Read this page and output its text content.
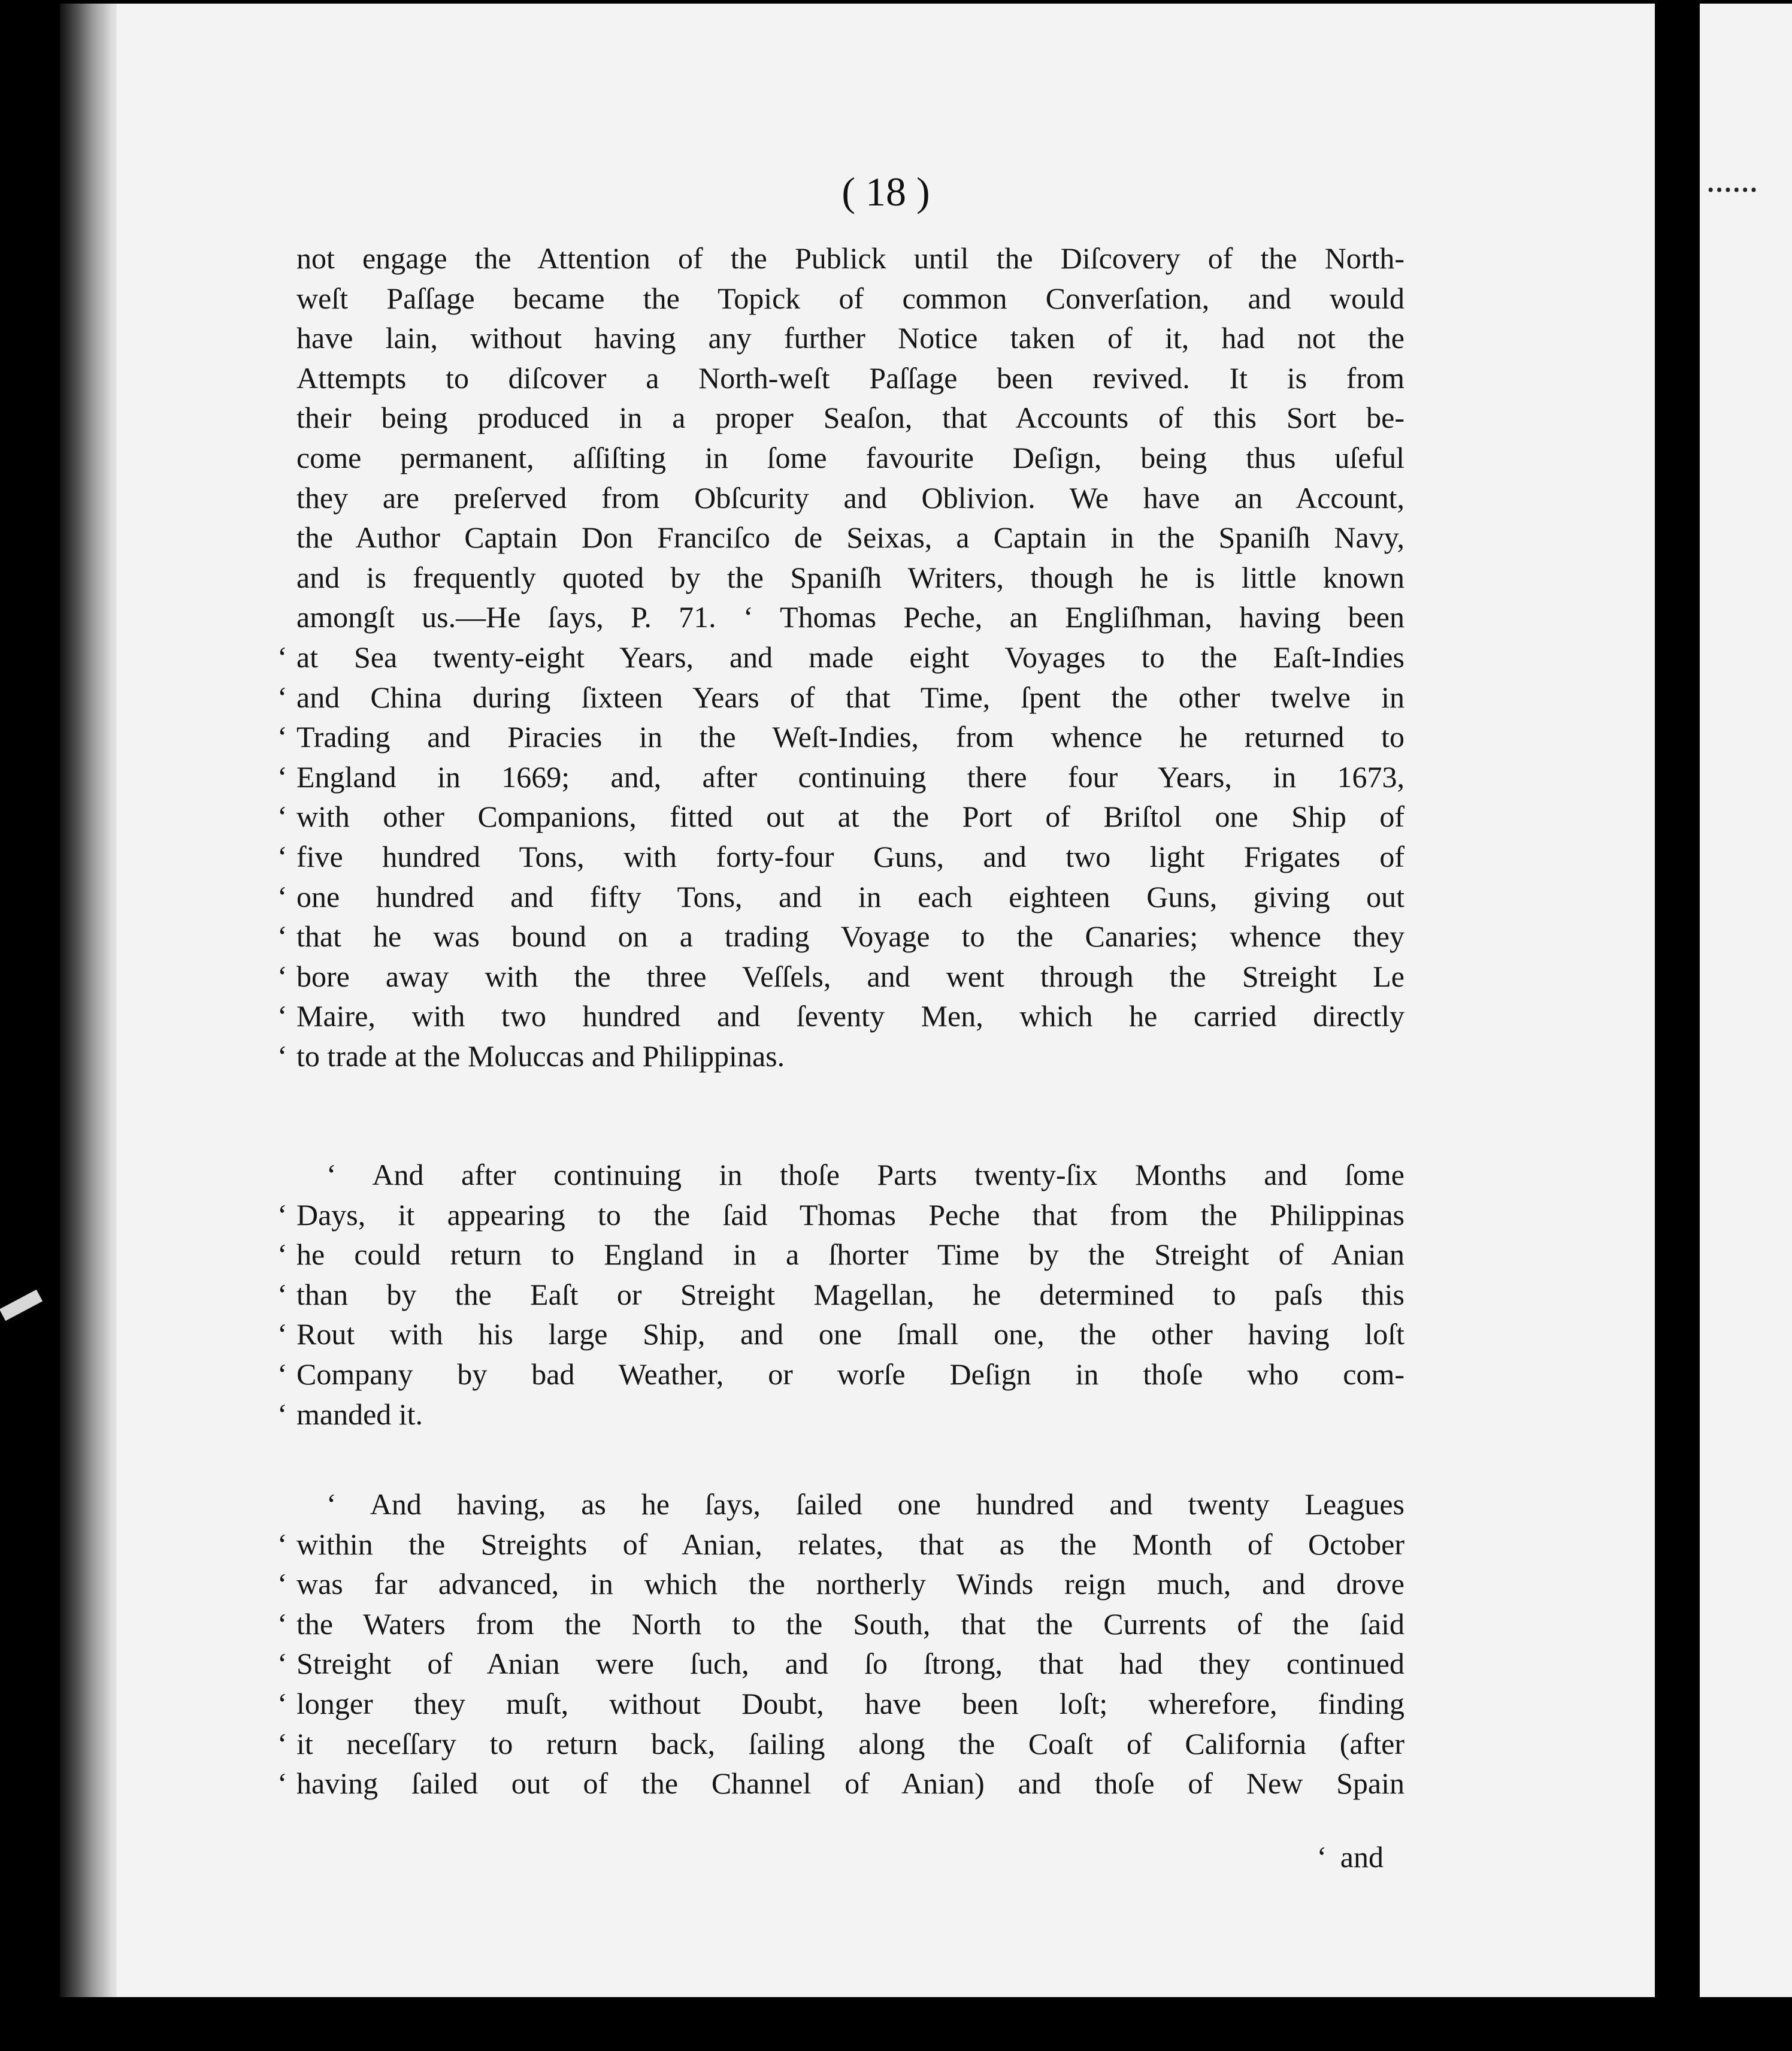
( 18 )	ꞏꞏꞏꞏꞏꞏ
not engage the Attention of the Publick until the Diſcovery of the North-
weſt Paſſage became the Topick of common Converſation, and would
have lain, without having any further Notice taken of it, had not the
Attempts to diſcover a North-weſt Paſſage been revived. It is from
their being produced in a proper Seaſon, that Accounts of this Sort be-
come permanent, aſſiſting in ſome favourite Deſign, being thus uſeful
they are preſerved from Obſcurity and Oblivion. We have an Account,
the Author Captain Don Franciſco de Seixas, a Captain in the Spaniſh Navy,
and is frequently quoted by the Spaniſh Writers, though he is little known
amongſt us.—He ſays, P. 71. ‘ Thomas Peche, an Engliſhman, having been
‘ at Sea twenty-eight Years, and made eight Voyages to the Eaſt-Indies
‘ and China during ſixteen Years of that Time, ſpent the other twelve in
‘ Trading and Piracies in the Weſt-Indies, from whence he returned to
‘ England in 1669; and, after continuing there four Years, in 1673,
‘ with other Companions, fitted out at the Port of Briſtol one Ship of
‘ five hundred Tons, with forty-four Guns, and two light Frigates of
‘ one hundred and fifty Tons, and in each eighteen Guns, giving out
‘ that he was bound on a trading Voyage to the Canaries; whence they
‘ bore away with the three Veſſels, and went through the Streight Le
‘ Maire, with two hundred and ſeventy Men, which he carried directly
‘ to trade at the Moluccas and Philippinas.
‘ And after continuing in thoſe Parts twenty-ſix Months and ſome
‘ Days, it appearing to the ſaid Thomas Peche that from the Philippinas
‘ he could return to England in a ſhorter Time by the Streight of Anian
‘ than by the Eaſt or Streight Magellan, he determined to paſs this
‘ Rout with his large Ship, and one ſmall one, the other having loſt
‘ Company by bad Weather, or worſe Deſign in thoſe who com-
‘ manded it.
‘ And having, as he ſays, ſailed one hundred and twenty Leagues
‘ within the Streights of Anian, relates, that as the Month of October
‘ was far advanced, in which the northerly Winds reign much, and drove
‘ the Waters from the North to the South, that the Currents of the ſaid
‘ Streight of Anian were ſuch, and ſo ſtrong, that had they continued
‘ longer they muſt, without Doubt, have been loſt; wherefore, finding
‘ it neceſſary to return back, ſailing along the Coaſt of California (after
‘ having ſailed out of the Channel of Anian) and thoſe of New Spain
‘ and
